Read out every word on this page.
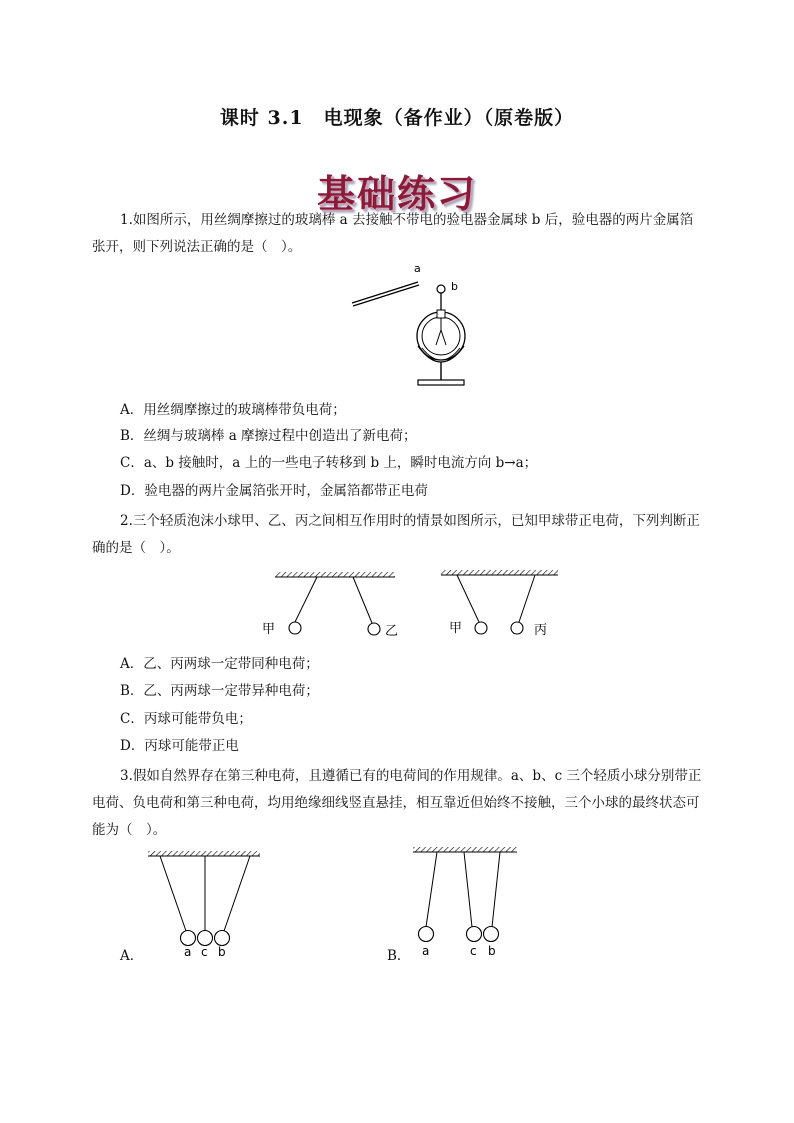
课时 3.1　电现象（备作业）（原卷版）
基础练习
1.如图所示，用丝绸摩擦过的玻璃棒 a 去接触不带电的验电器金属球 b 后，验电器的两片金属箔张开，则下列说法正确的是（　）。
a
b
A．用丝绸摩擦过的玻璃棒带负电荷；
B．丝绸与玻璃棒 a 摩擦过程中创造出了新电荷；
C．a、b 接触时，a 上的一些电子转移到 b 上，瞬时电流方向 b→a；
D．验电器的两片金属箔张开时，金属箔都带正电荷
2.三个轻质泡沫小球甲、乙、丙之间相互作用时的情景如图所示，已知甲球带正电荷，下列判断正确的是（　）。
甲	乙	甲	丙
A．乙、丙两球一定带同种电荷；
B．乙、丙两球一定带异种电荷；
C．丙球可能带负电；
D．丙球可能带正电
3.假如自然界存在第三种电荷，且遵循已有的电荷间的作用规律。a、b、c 三个轻质小球分别带正电荷、负电荷和第三种电荷，均用绝缘细线竖直悬挂，相互靠近但始终不接触，三个小球的最终状态可能为（　）。
A．	a c b	B． a	c b
